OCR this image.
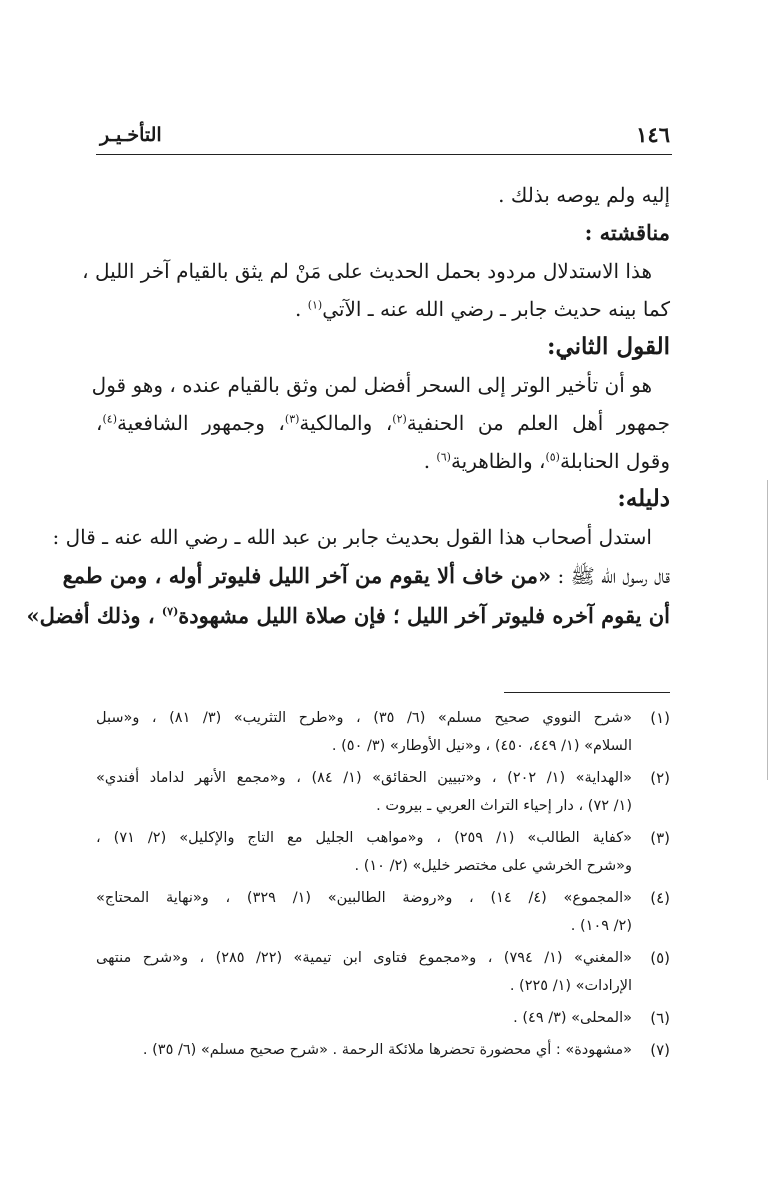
التأخـيـر	١٤٦
إليه ولم يوصه بذلك .
مناقشته :
هذا الاستدلال مردود بحمل الحديث على مَنْ لم يثق بالقيام آخر الليل ،
كما بينه حديث جابر ـ رضي الله عنه ـ الآتي$^{(١)}$ .
القول الثاني:
هو أن تأخير الوتر إلى السحر أفضل لمن وثق بالقيام عنده ، وهو قول
جمهور أهل العلم من الحنفية$^{(٢)}$، والمالكية$^{(٣)}$، وجمهور الشافعية$^{(٤)}$،
وقول الحنابلة$^{(٥)}$، والظاهرية$^{(٦)}$ .
دليله:
استدل أصحاب هذا القول بحديث جابر بن عبد الله ـ رضي الله عنه ـ قال :
قال رسول الله ﷺ : «من خاف ألا يقوم من آخر الليل فليوتر أوله ، ومن طمع
أن يقوم آخره فليوتر آخر الليل ؛ فإن صلاة الليل مشهودة$^{(٧)}$ ، وذلك أفضل»
(١)
«شرح النووي صحيح مسلم» (٦/ ٣٥) ، و«طرح التثريب» (٣/ ٨١) ، و«سبل
السلام» (١/ ٤٤٩، ٤٥٠) ، و«نيل الأوطار» (٣/ ٥٠) .
(٢)
«الهداية» (١/ ٢٠٢) ، و«تبيين الحقائق» (١/ ٨٤) ، و«مجمع الأنهر لداماد أفندي»
(١/ ٧٢) ، دار إحياء التراث العربي ـ بيروت .
(٣)
«كفاية الطالب» (١/ ٢٥٩) ، و«مواهب الجليل مع التاج والإكليل» (٢/ ٧١) ،
و«شرح الخرشي على مختصر خليل» (٢/ ١٠) .
(٤)
«المجموع» (٤/ ١٤) ، و«روضة الطالبين» (١/ ٣٢٩) ، و«نهاية المحتاج»
(٢/ ١٠٩) .
(٥)
«المغني» (١/ ٧٩٤) ، و«مجموع فتاوى ابن تيمية» (٢٢/ ٢٨٥) ، و«شرح منتهى
الإرادات» (١/ ٢٢٥) .
(٦)
«المحلى» (٣/ ٤٩) .
(٧)
«مشهودة» : أي محضورة تحضرها ملائكة الرحمة . «شرح صحيح مسلم» (٦/ ٣٥) .
